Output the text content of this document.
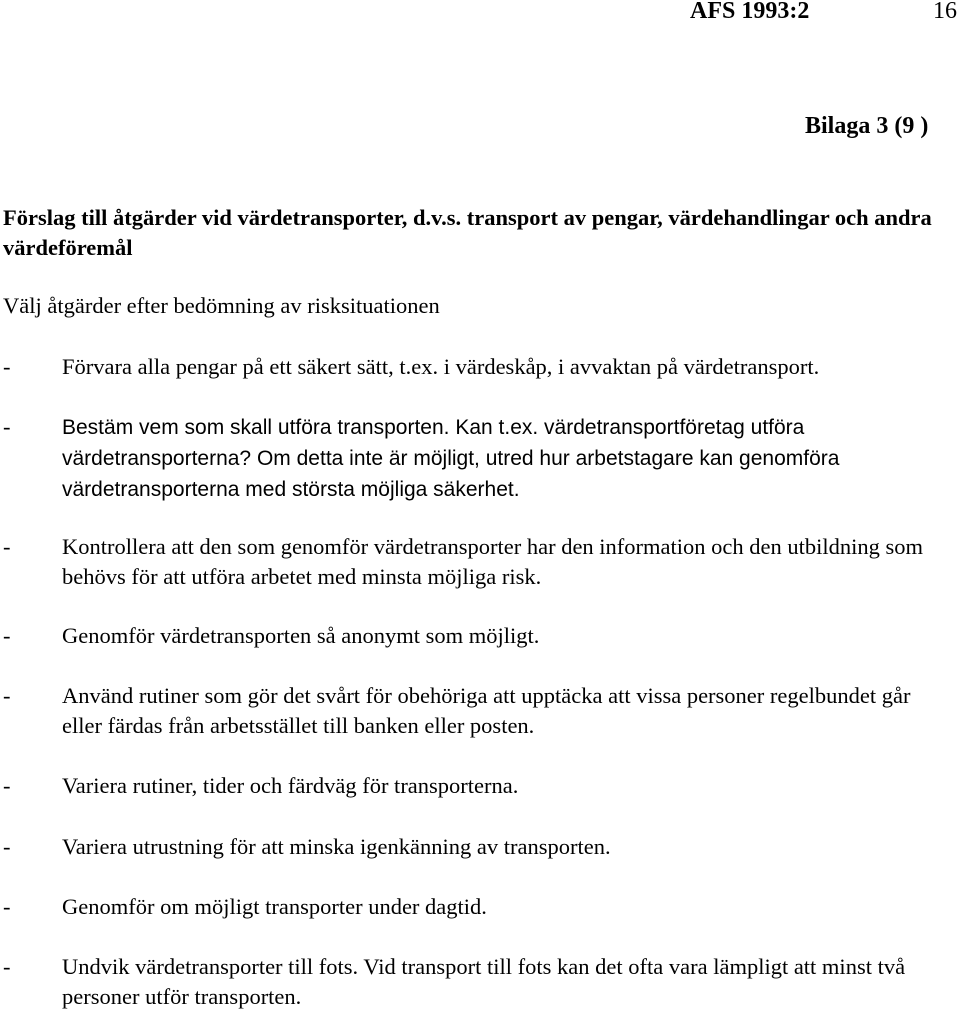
AFS 1993:2	16
Bilaga 3 (9 )
Förslag till åtgärder vid värdetransporter, d.v.s. transport av pengar, värdehandlingar och andra värdeföremål
Välj åtgärder efter bedömning av risksituationen
- Förvara alla pengar på ett säkert sätt, t.ex. i värdeskåp, i avvaktan på värdetransport.
- Bestäm vem som skall utföra transporten. Kan t.ex. värdetransportföretag utföra värdetransporterna? Om detta inte är möjligt, utred hur arbetstagare kan genomföra värdetransporterna med största möjliga säkerhet.
- Kontrollera att den som genomför värdetransporter har den information och den utbildning som behövs för att utföra arbetet med minsta möjliga risk.
- Genomför värdetransporten så anonymt som möjligt.
- Använd rutiner som gör det svårt för obehöriga att upptäcka att vissa personer regelbundet går eller färdas från arbetsstället till banken eller posten.
- Variera rutiner, tider och färdväg för transporterna.
- Variera utrustning för att minska igenkänning av transporten.
- Genomför om möjligt transporter under dagtid.
- Undvik värdetransporter till fots. Vid transport till fots kan det ofta vara lämpligt att minst två personer utför transporten.
